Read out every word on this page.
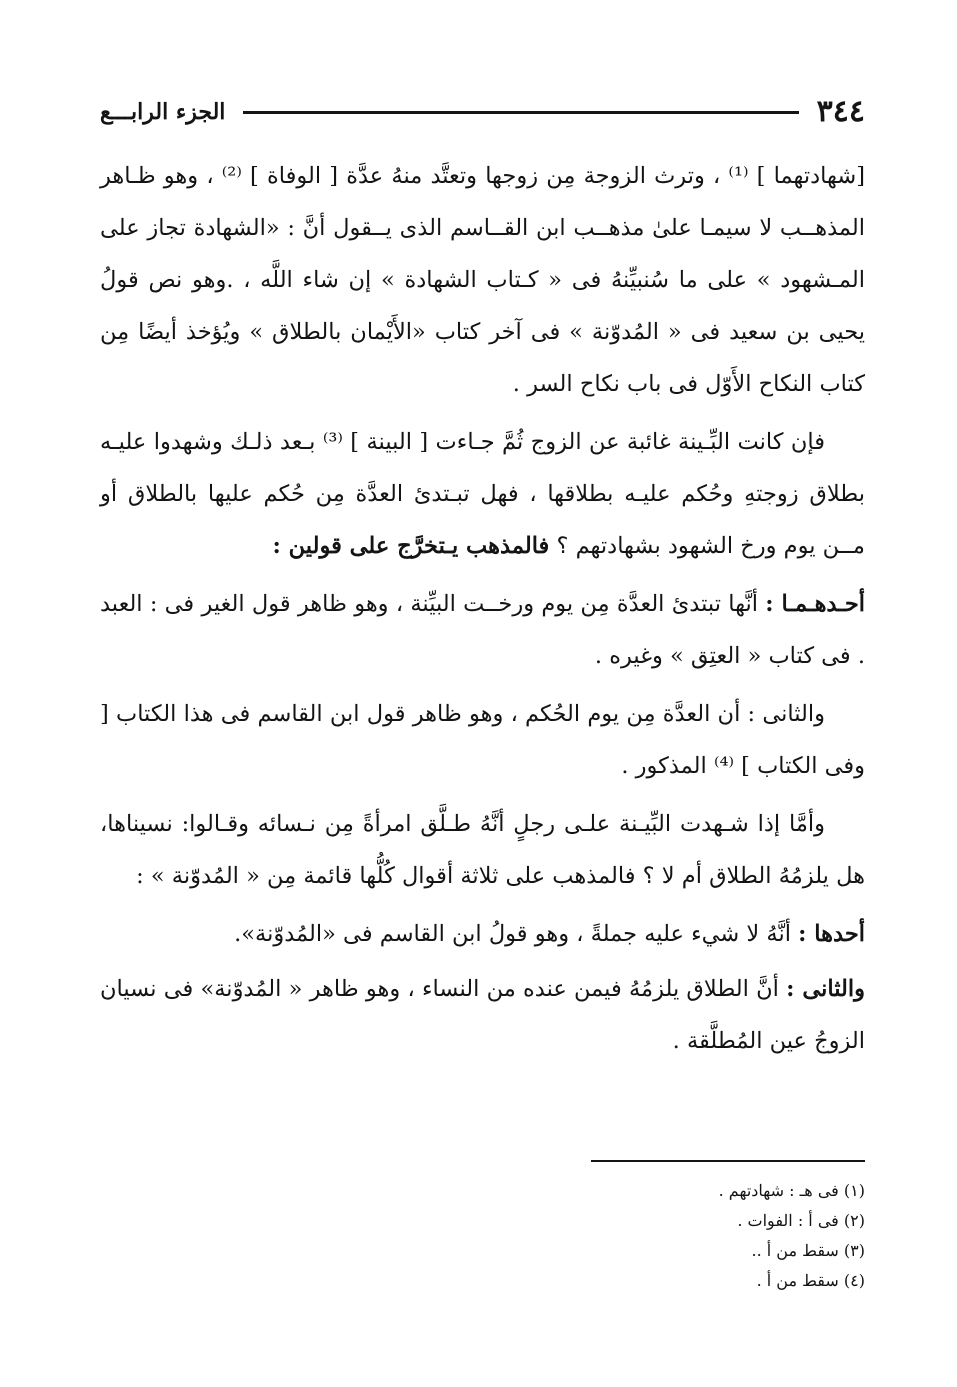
٣٤٤
الجزء الرابـــع

[شهادتهما ] ⁽¹⁾ ، وترث الزوجة مِن زوجها وتعتَّد منهُ عدَّة [ الوفاة ] ⁽²⁾ ، وهو ظـاهر المذهــب لا سيمـا علىٰ مذهــب ابن القــاسم الذى يــقول أنَّ : «الشهادة تجاز على المـشهود » على ما سُنبيِّنهُ فى « كـتاب الشهادة » إن شاء اللَّه ، .وهو نص قولُ يحيى بن سعيد فى « المُدوّنة » فى آخر كتاب «الأَيْمان بالطلاق » ويُؤخذ أيضًا مِن كتاب النكاح الأَوّل فى باب نكاح السر .

فإن كانت البِّـينة غائبة عن الزوج ثُمَّ جـاءت [ البينة ] ⁽³⁾ بـعد ذلـك وشهدوا عليـه بطلاق زوجتهِ وحُكم عليـه بطلاقها ، فهل تبـتدئ العدَّة مِن حُكم عليها بالطلاق أو مــن يوم ورخ الشهود بشهادتهم ؟ فالمذهب يـتخرَّج على قولين :

أحـدهـمـا : أنَّها تبتدئ العدَّة مِن يوم ورخــت البيِّنة ، وهو ظاهر قول الغير فى : العبد . فى كتاب « العتِق » وغيره .

والثانى : أن العدَّة مِن يوم الحُكم ، وهو ظاهر قول ابن القاسم فى هذا الكتاب [ وفى الكتاب ] ⁽⁴⁾ المذكور .

وأمَّا إذا شـهدت البِّيـنة علـى رجلٍ أنَّهُ طـلَّق امرأةً مِن نـسائه وقـالوا: نسيناها، هل يلزمُهُ الطلاق أم لا ؟ فالمذهب على ثلاثة أقوال كُلُّها قائمة مِن « المُدوّنة » :

أحدها : أنَّهُ لا شيء عليه جملةً ، وهو قولُ ابن القاسم فى «المُدوّنة».

والثانى : أنَّ الطلاق يلزمُهُ فيمن عنده من النساء ، وهو ظاهر « المُدوّنة» فى نسيان الزوجُ عين المُطلَّقة .

(١) فى هـ : شهادتهم .

(٢) فى أ : الفوات .

(٣) سقط من أ ..

(٤) سقط من أ .
